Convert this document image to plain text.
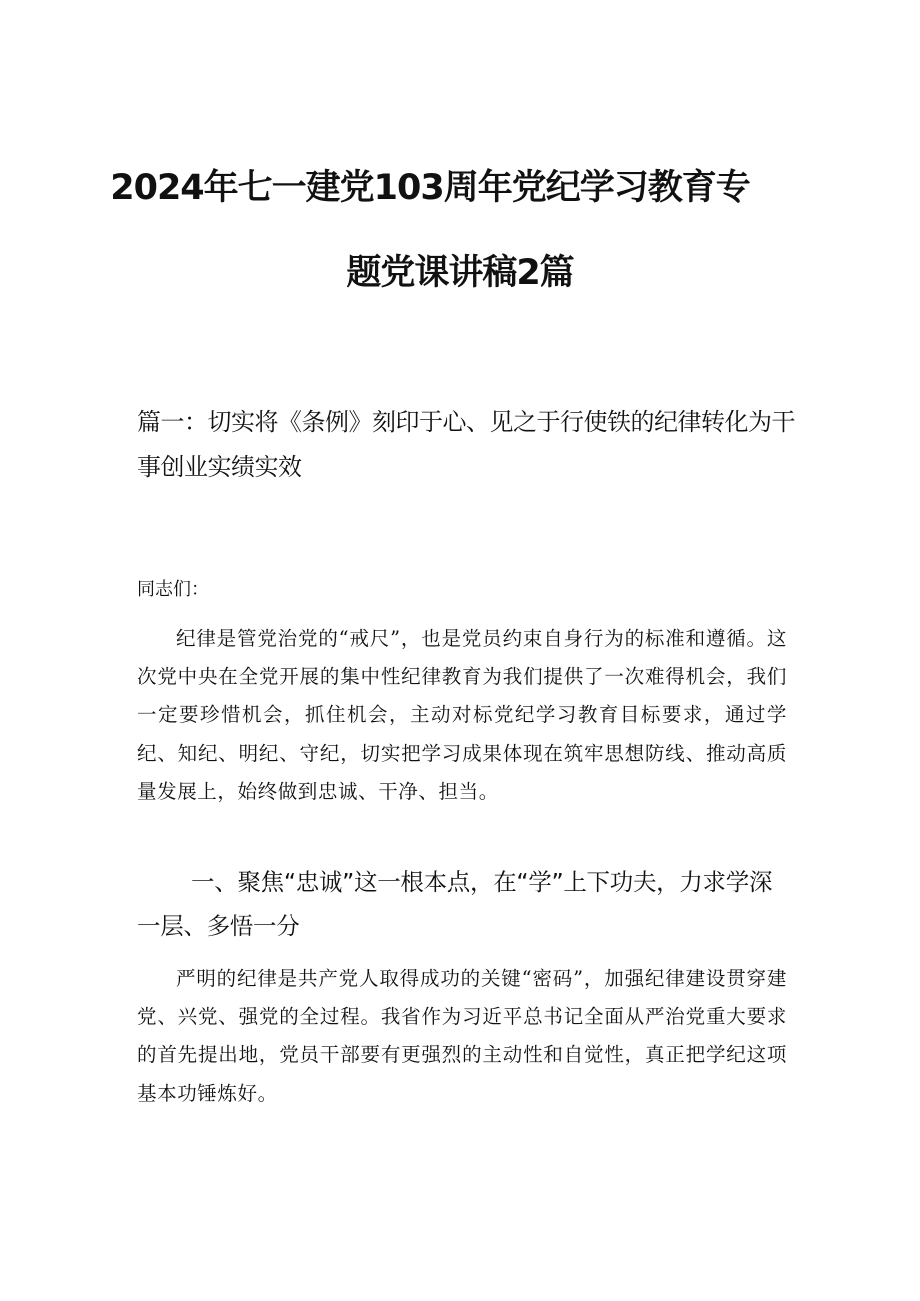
2024年七一建党103周年党纪学习教育专
题党课讲稿2篇
篇一：切实将《条例》刻印于心、见之于行使铁的纪律转化为干事创业实绩实效
同志们：
纪律是管党治党的“戒尺”，也是党员约束自身行为的标准和遵循。这次党中央在全党开展的集中性纪律教育为我们提供了一次难得机会，我们一定要珍惜机会，抓住机会，主动对标党纪学习教育目标要求，通过学纪、知纪、明纪、守纪，切实把学习成果体现在筑牢思想防线、推动高质量发展上，始终做到忠诚、干净、担当。
一、聚焦“忠诚”这一根本点，在“学”上下功夫，力求学深一层、多悟一分
严明的纪律是共产党人取得成功的关键“密码”，加强纪律建设贯穿建党、兴党、强党的全过程。我省作为习近平总书记全面从严治党重大要求的首先提出地，党员干部要有更强烈的主动性和自觉性，真正把学纪这项基本功锤炼好。
